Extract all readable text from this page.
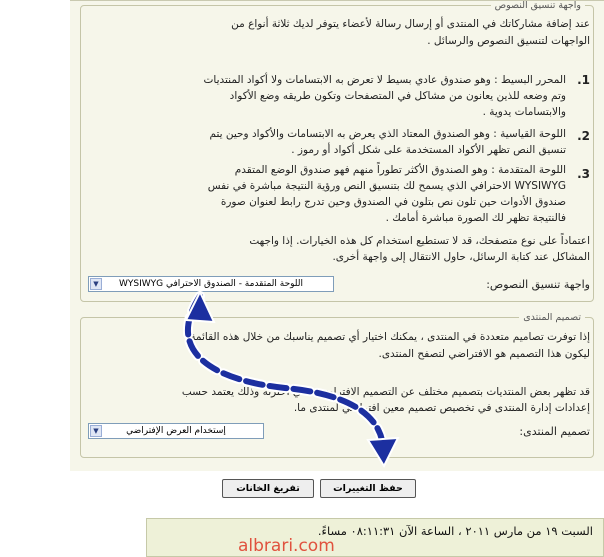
واجهة تنسيق النصوص
عند إضافة مشاركاتك في المنتدى أو إرسال رسالة لأعضاء يتوفر لديك ثلاثة أنواع من
الواجهات لتنسيق النصوص والرسائل .
1.
المحرر البسيط : وهو صندوق عادي بسيط لا تعرض به الابتسامات ولا أكواد المنتديات
وتم وضعه للذين يعانون من مشاكل في المتصفحات وتكون طريقه وضع الأكواد
والابتسامات يدوية .
2.
اللوحة القياسية : وهو الصندوق المعتاد الذي يعرض به الابتسامات والأكواد وحين يتم
تنسيق النص تظهر الأكواد المستخدمة على شكل أكواد أو رموز .
3.
اللوحة المتقدمة : وهو الصندوق الأكثر تطوراً منهم فهو صندوق الوضع المتقدم
WYSIWYG الاحترافي الذي يسمح لك بتنسيق النص ورؤية النتيجة مباشرة في نفس
صندوق الأدوات حين تلون نص بتلون في الصندوق وحين تدرج رابط لعنوان صورة
فالنتيجة تظهر لك الصورة مباشرة أمامك .
اعتماداً على نوع متصفحك، قد لا تستطيع استخدام كل هذه الخيارات. إذا واجهت
المشاكل عند كتابة الرسائل، حاول الانتقال إلى واجهة أخرى.
واجهة تنسيق النصوص:
▼	اللوحة المتقدمة - الصندوق الاحترافي WYSIWYG
تصميم المنتدى
إذا توفرت تصاميم متعددة في المنتدى ، يمكنك اختيار أي تصميم يناسبك من خلال هذه القائمة
ليكون هذا التصميم هو الافتراضي لتصفح المنتدى.
قد تظهر بعض المنتديات بتصميم مختلف عن التصميم الافتراضي الذي اخترته وذلك يعتمد حسب
إعدادات إدارة المنتدى في تخصيص تصميم معين افتراضي لمنتدى ما.
تصميم المنتدى:
▼	إستخدام العرض الإفتراضي
حفظ التغييرات
تفريغ الخانات
السبت ١٩ من مارس ٢٠١١ ، الساعة الآن ٠٨:١١:٣١ مساءً.
albrari.com
